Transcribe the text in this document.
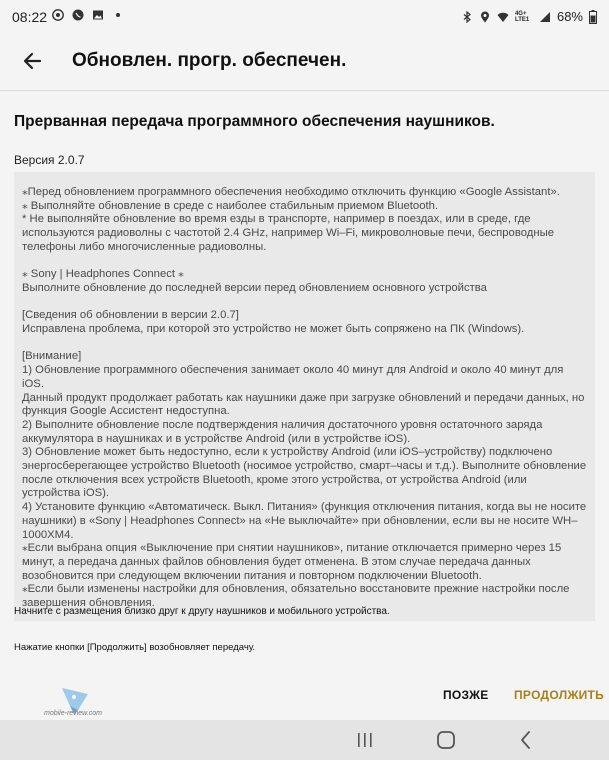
08:22	4G+ LTE1 68%
Обновлен. прогр. обеспечен.
Прерванная передача программного обеспечения наушников.
Версия 2.0.7

⁎Перед обновлением программного обеспечения необходимо отключить функцию «Google Assistant».

⁎ Выполняйте обновление в среде с наиболее стабильным приемом Bluetooth.

* Не выполняйте обновление во время езды в транспорте, например в поездах, или в среде, где используются радиоволны с частотой 2.4 GHz, например Wi–Fi, микроволновые печи, беспроводные телефоны либо многочисленные радиоволны.

⁎ Sony | Headphones Connect ⁎

Выполните обновление до последней версии перед обновлением основного устройства

[Сведения об обновлении в версии 2.0.7]

Исправлена проблема, при которой это устройство не может быть сопряжено на ПК (Windows).

[Внимание]

1) Обновление программного обеспечения занимает около 40 минут для Android и около 40 минут для iOS.

Данный продукт продолжает работать как наушники даже при загрузке обновлений и передачи данных, но функция Google Ассистент недоступна.

2) Выполните обновление после подтверждения наличия достаточного уровня остаточного заряда аккумулятора в наушниках и в устройстве Android (или в устройстве iOS).

3) Обновление может быть недоступно, если к устройству Android (или iOS–устройству) подключено энергосберегающее устройство Bluetooth (носимое устройство, смарт–часы и т.д.). Выполните обновление после отключения всех устройств Bluetooth, кроме этого устройства, от устройства Android (или устройства iOS).

4) Установите функцию «Автоматическ. Выкл. Питания» (функция отключения питания, когда вы не носите наушники) в «Sony | Headphones Connect» на «Не выключайте» при обновлении, если вы не носите WH–1000XM4.

⁎Если выбрана опция «Выключение при снятии наушников», питание отключается примерно через 15 минут, а передача данных файлов обновления будет отменена. В этом случае передача данных возобновится при следующем включении питания и повторном подключении Bluetooth.

⁎Если были изменены настройки для обновления, обязательно восстановите прежние настройки после завершения обновления.

Начните с размещения близко друг к другу наушников и мобильного устройства.
Нажатие кнопки [Продолжить] возобновляет передачу.
mobile-review.com
ПОЗЖЕ ПРОДОЛЖИТЬ
